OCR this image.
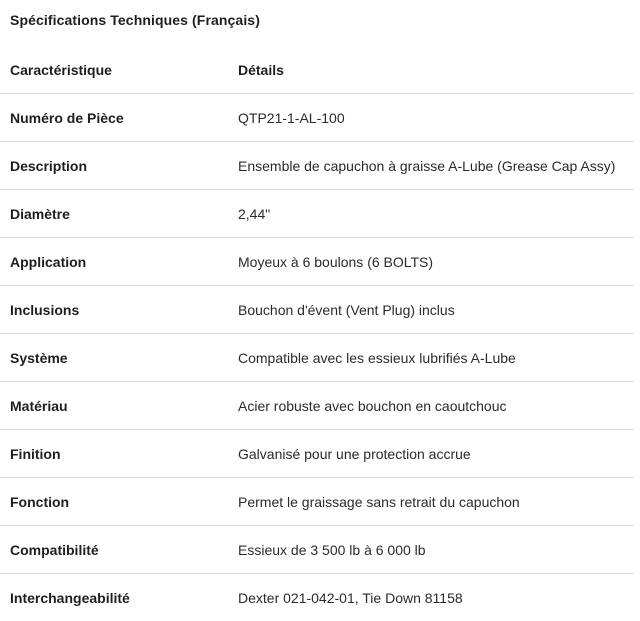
Spécifications Techniques (Français)
Caractéristique	Détails
Numéro de Pièce	QTP21-1-AL-100
Description	Ensemble de capuchon à graisse A-Lube (Grease Cap Assy)
Diamètre	2,44"
Application	Moyeux à 6 boulons (6 BOLTS)
Inclusions	Bouchon d'évent (Vent Plug) inclus
Système	Compatible avec les essieux lubrifiés A-Lube
Matériau	Acier robuste avec bouchon en caoutchouc
Finition	Galvanisé pour une protection accrue
Fonction	Permet le graissage sans retrait du capuchon
Compatibilité	Essieux de 3 500 lb à 6 000 lb
Interchangeabilité	Dexter 021-042-01, Tie Down 81158
